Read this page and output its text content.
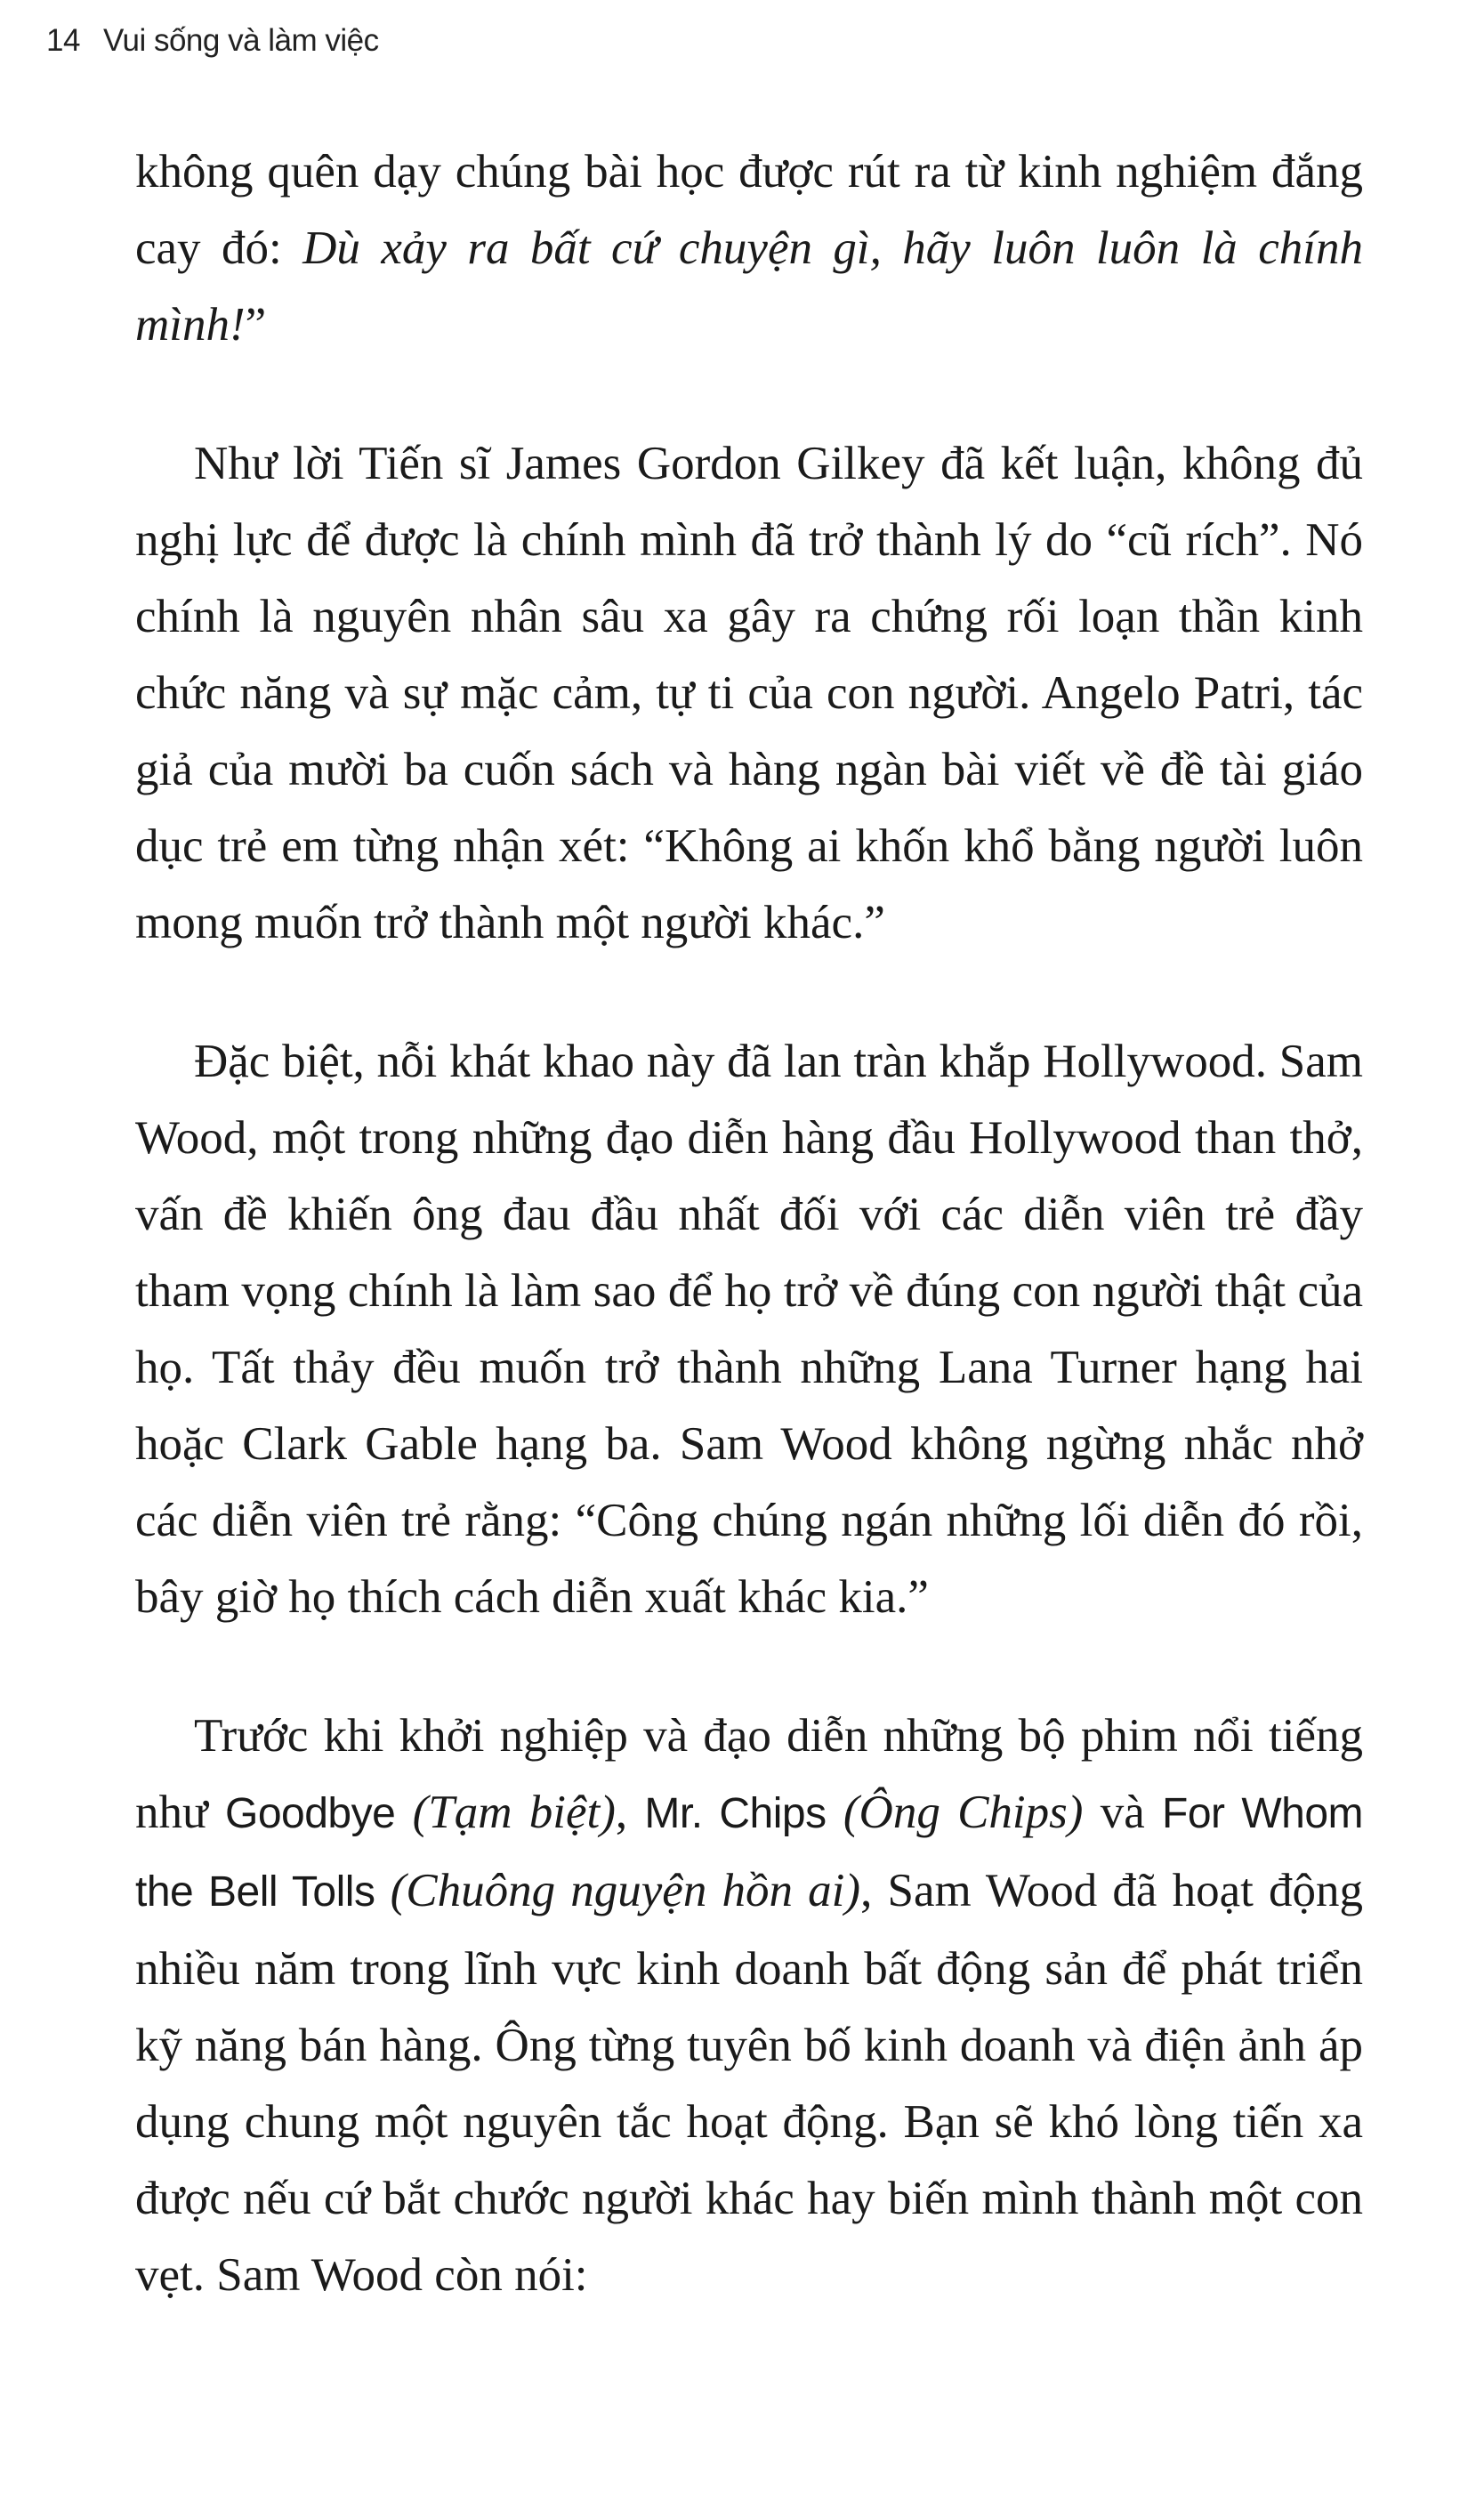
14 Vui sống và làm việc

không quên dạy chúng bài học được rút ra từ kinh nghiệm đắng cay đó: Dù xảy ra bất cứ chuyện gì, hãy luôn luôn là chính mình!”

Như lời Tiến sĩ James Gordon Gilkey đã kết luận, không đủ nghị lực để được là chính mình đã trở thành lý do “cũ rích”. Nó chính là nguyên nhân sâu xa gây ra chứng rối loạn thần kinh chức năng và sự mặc cảm, tự ti của con người. Angelo Patri, tác giả của mười ba cuốn sách và hàng ngàn bài viết về đề tài giáo dục trẻ em từng nhận xét: “Không ai khốn khổ bằng người luôn mong muốn trở thành một người khác.”

Đặc biệt, nỗi khát khao này đã lan tràn khắp Hollywood. Sam Wood, một trong những đạo diễn hàng đầu Hollywood than thở, vấn đề khiến ông đau đầu nhất đối với các diễn viên trẻ đầy tham vọng chính là làm sao để họ trở về đúng con người thật của họ. Tất thảy đều muốn trở thành những Lana Turner hạng hai hoặc Clark Gable hạng ba. Sam Wood không ngừng nhắc nhở các diễn viên trẻ rằng: “Công chúng ngán những lối diễn đó rồi, bây giờ họ thích cách diễn xuất khác kia.”

Trước khi khởi nghiệp và đạo diễn những bộ phim nổi tiếng như Goodbye (Tạm biệt), Mr. Chips (Ông Chips) và For Whom the Bell Tolls (Chuông nguyện hồn ai), Sam Wood đã hoạt động nhiều năm trong lĩnh vực kinh doanh bất động sản để phát triển kỹ năng bán hàng. Ông từng tuyên bố kinh doanh và điện ảnh áp dụng chung một nguyên tắc hoạt động. Bạn sẽ khó lòng tiến xa được nếu cứ bắt chước người khác hay biến mình thành một con vẹt. Sam Wood còn nói:
